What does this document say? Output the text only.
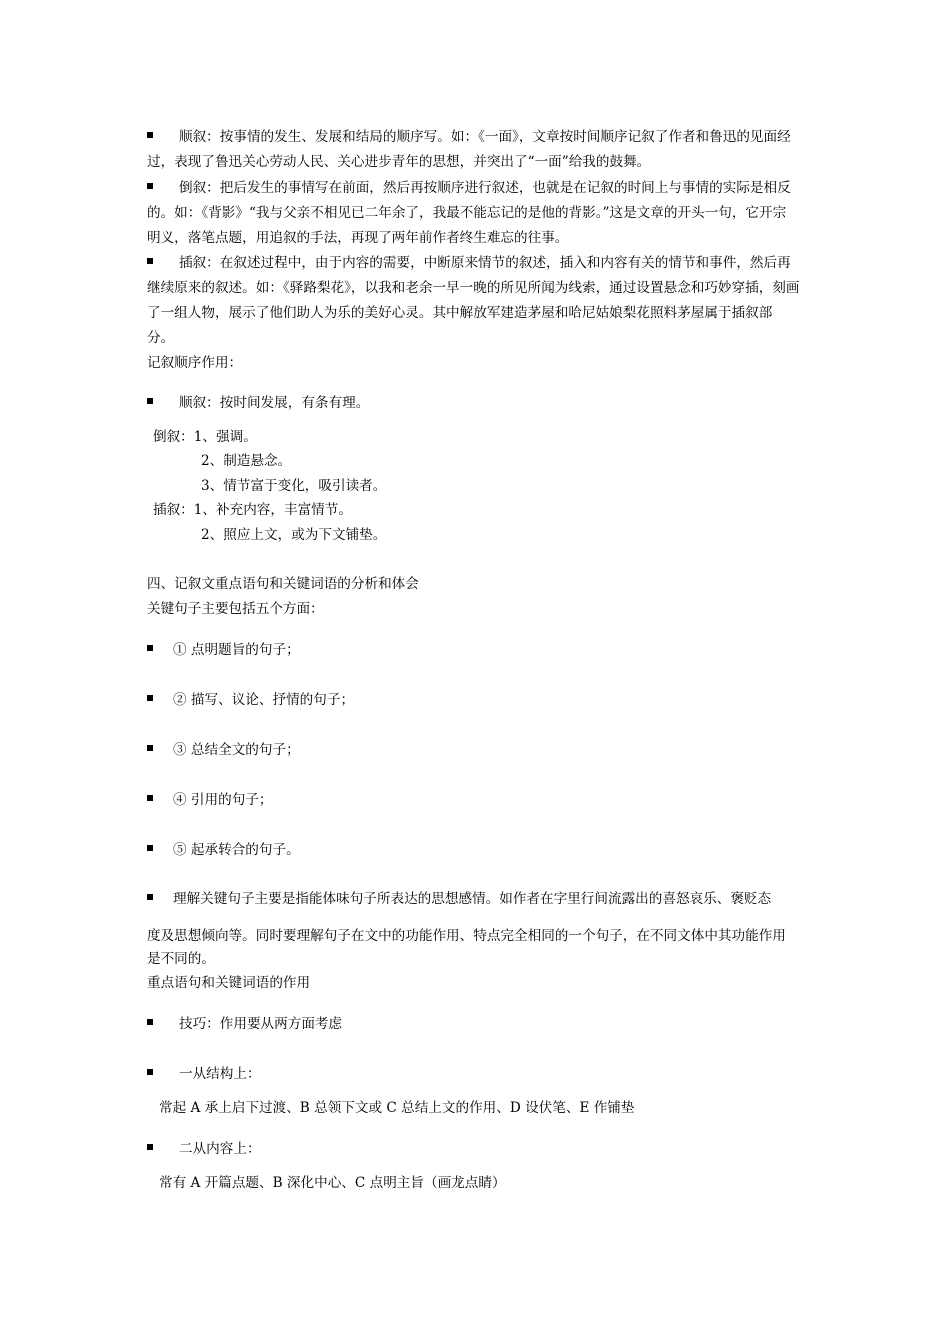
顺叙：按事情的发生、发展和结局的顺序写。如：《一面》，文章按时间顺序记叙了作者和鲁迅的见面经
过，表现了鲁迅关心劳动人民、关心进步青年的思想，并突出了“一面”给我的鼓舞。
倒叙：把后发生的事情写在前面，然后再按顺序进行叙述，也就是在记叙的时间上与事情的实际是相反
的。如：《背影》“我与父亲不相见已二年余了，我最不能忘记的是他的背影。”这是文章的开头一句，它开宗
明义，落笔点题，用追叙的手法，再现了两年前作者终生难忘的往事。
插叙：在叙述过程中，由于内容的需要，中断原来情节的叙述，插入和内容有关的情节和事件，然后再
继续原来的叙述。如：《驿路梨花》，以我和老余一早一晚的所见所闻为线索，通过设置悬念和巧妙穿插，刻画
了一组人物，展示了他们助人为乐的美好心灵。其中解放军建造茅屋和哈尼姑娘梨花照料茅屋属于插叙部
分。
记叙顺序作用：
顺叙：按时间发展，有条有理。
倒叙：1、强调。
2、制造悬念。
3、情节富于变化，吸引读者。
插叙：1、补充内容，丰富情节。
2、照应上文，或为下文铺垫。
四、记叙文重点语句和关键词语的分析和体会
关键句子主要包括五个方面：
① 点明题旨的句子；
② 描写、议论、抒情的句子；
③ 总结全文的句子；
④ 引用的句子；
⑤ 起承转合的句子。
理解关键句子主要是指能体味句子所表达的思想感情。如作者在字里行间流露出的喜怒哀乐、褒贬态
度及思想倾向等。同时要理解句子在文中的功能作用、特点完全相同的一个句子，在不同文体中其功能作用
是不同的。
重点语句和关键词语的作用
技巧：作用要从两方面考虑
一从结构上：
常起 A 承上启下过渡、B 总领下文或 C 总结上文的作用、D 设伏笔、E 作铺垫
二从内容上：
常有 A 开篇点题、B 深化中心、C 点明主旨（画龙点睛）
